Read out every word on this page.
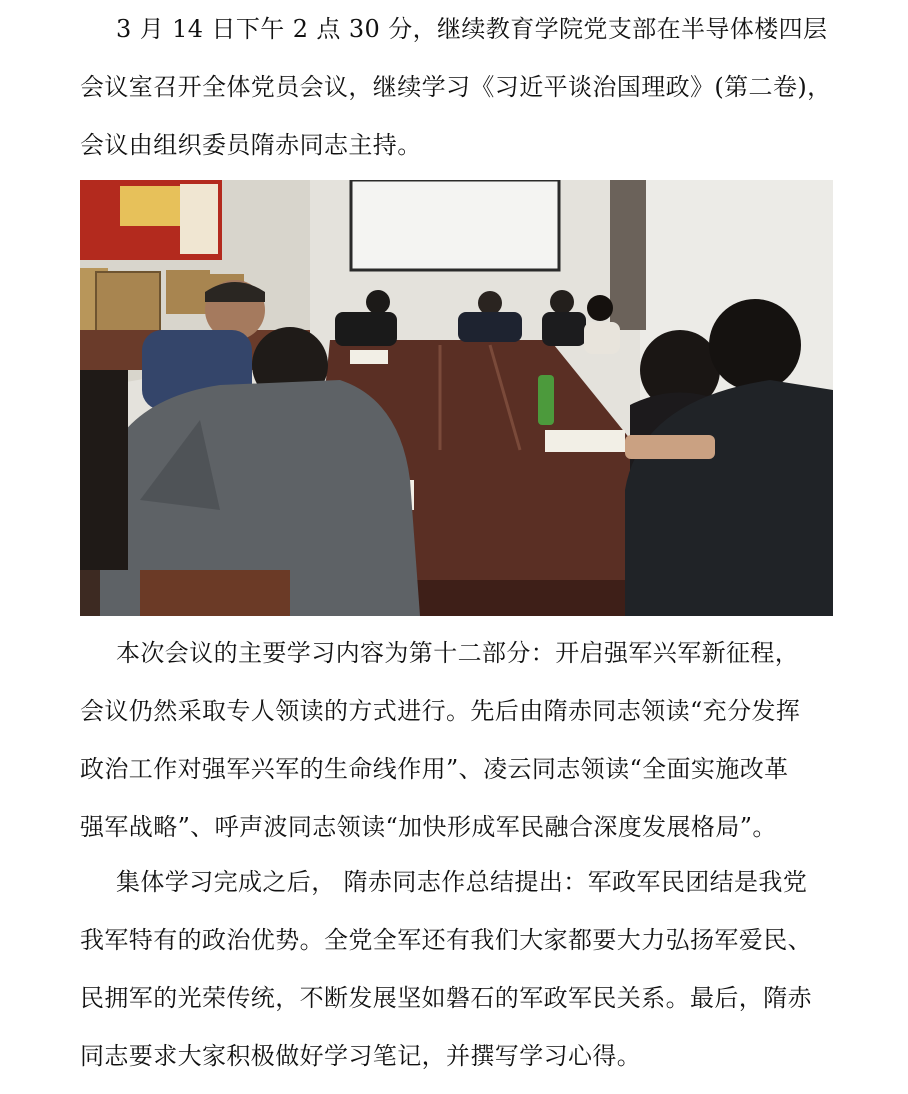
3 月 14 日下午 2 点 30 分，继续教育学院党支部在半导体楼四层
会议室召开全体党员会议，继续学习《习近平谈治国理政》(第二卷)，
会议由组织委员隋赤同志主持。

本次会议的主要学习内容为第十二部分：开启强军兴军新征程，
会议仍然采取专人领读的方式进行。先后由隋赤同志领读“充分发挥
政治工作对强军兴军的生命线作用”、凌云同志领读“全面实施改革
强军战略”、呼声波同志领读“加快形成军民融合深度发展格局”。

集体学习完成之后， 隋赤同志作总结提出：军政军民团结是我党
我军特有的政治优势。全党全军还有我们大家都要大力弘扬军爱民、
民拥军的光荣传统，不断发展坚如磐石的军政军民关系。最后，隋赤
同志要求大家积极做好学习笔记，并撰写学习心得。
